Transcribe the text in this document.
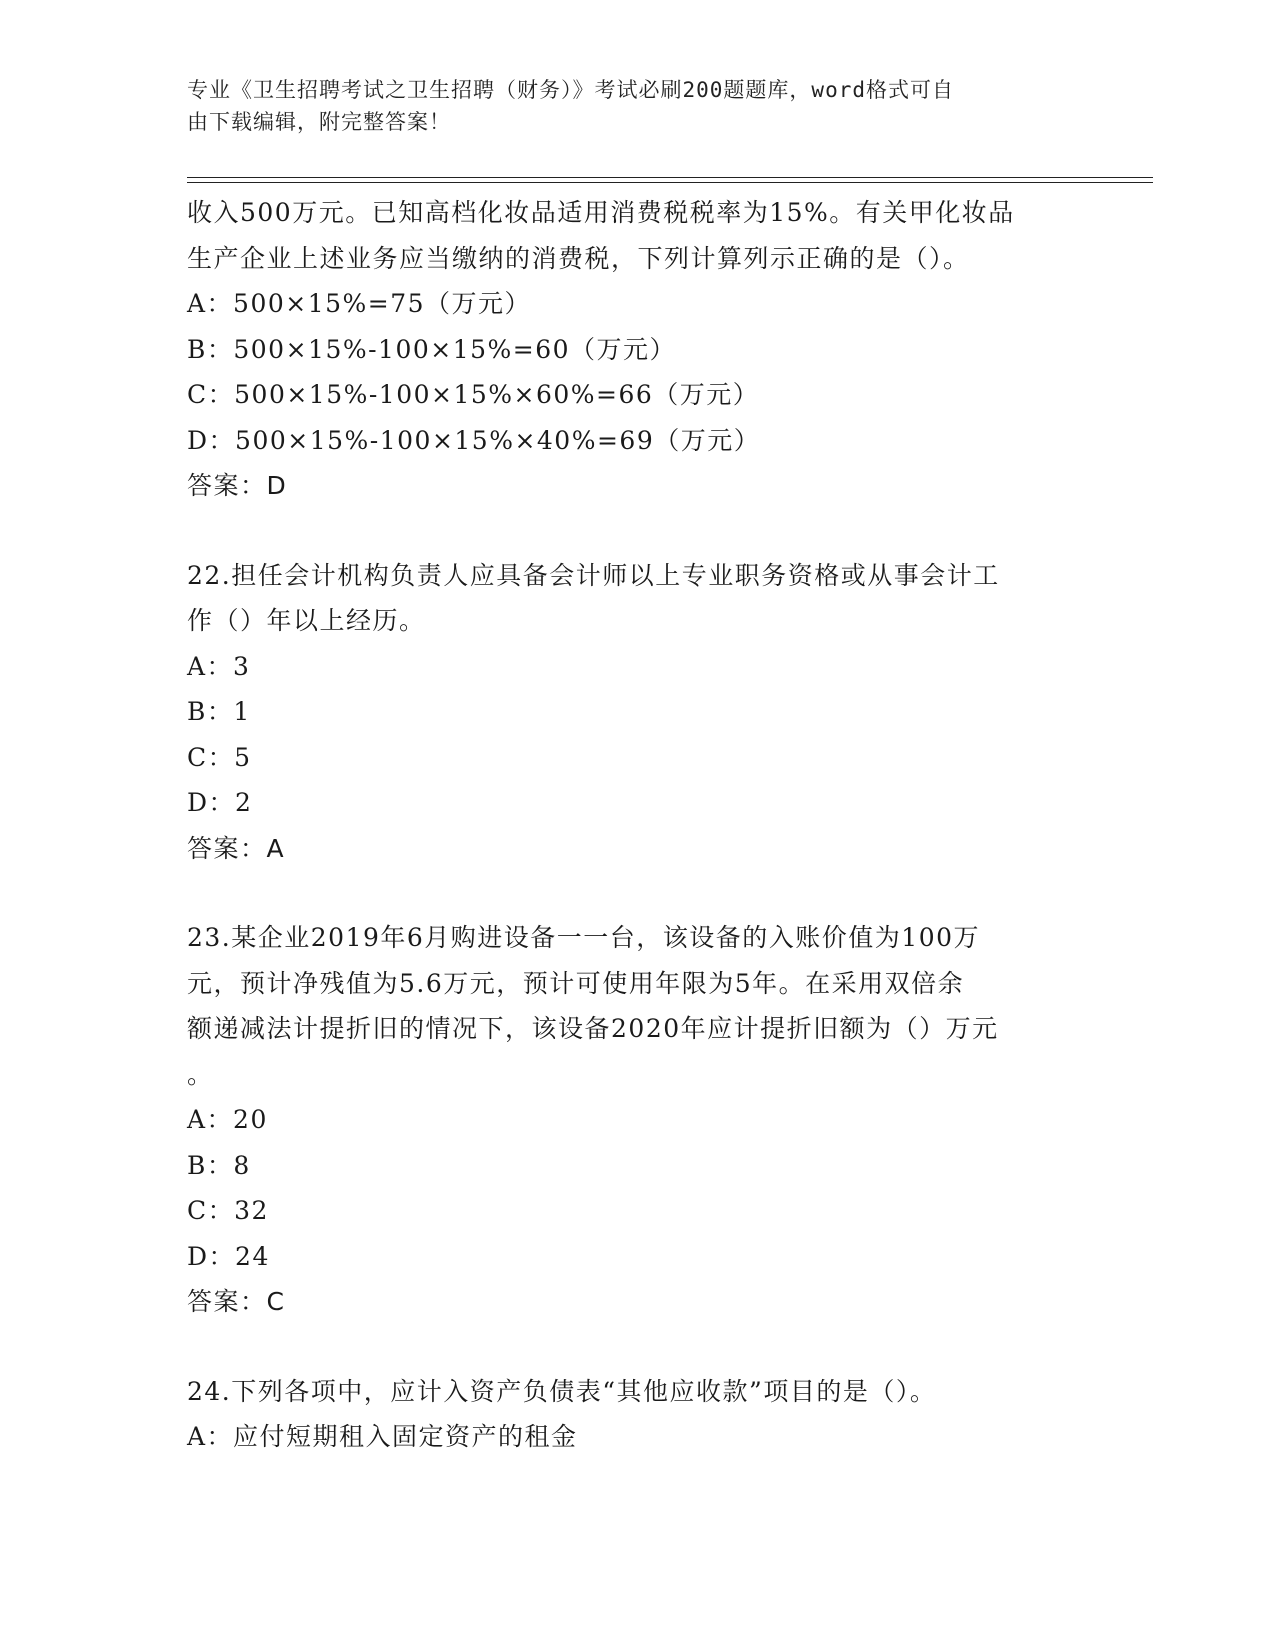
专业《卫生招聘考试之卫生招聘（财务）》考试必刷200题题库，word格式可自
由下载编辑，附完整答案！
收入500万元。已知高档化妆品适用消费税税率为15%。有关甲化妆品
生产企业上述业务应当缴纳的消费税，下列计算列示正确的是（）。
A：500×15%=75（万元）
B：500×15%-100×15%=60（万元）
C：500×15%-100×15%×60%=66（万元）
D：500×15%-100×15%×40%=69（万元）
答案：D
22.担任会计机构负责人应具备会计师以上专业职务资格或从事会计工
作（）年以上经历。
A：3
B：1
C：5
D：2
答案：A
23.某企业2019年6月购进设备一一台，该设备的入账价值为100万
元，预计净残值为5.6万元，预计可使用年限为5年。在采用双倍余
额递减法计提折旧的情况下，该设备2020年应计提折旧额为（）万元
。
A：20
B：8
C：32
D：24
答案：C
24.下列各项中，应计入资产负债表“其他应收款”项目的是（）。
A：应付短期租入固定资产的租金
